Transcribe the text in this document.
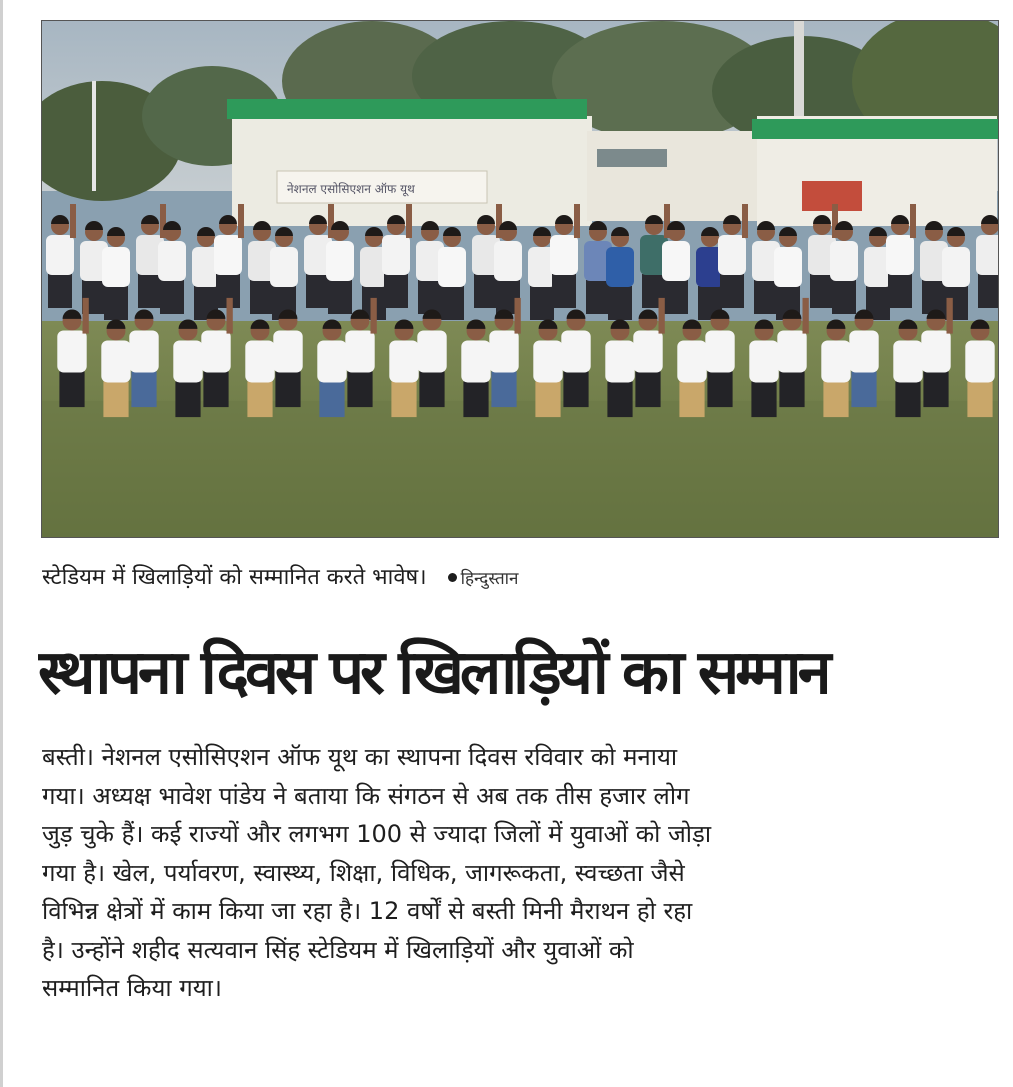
नेशनल एसोसिएशन ऑफ यूथ
स्टेडियम में खिलाड़ियों को सम्मानित करते भावेष। हिन्दुस्तान
स्थापना दिवस पर खिलाड़ियों का सम्मान
बस्ती। नेशनल एसोसिएशन ऑफ यूथ का स्थापना दिवस रविवार को मनाया
गया। अध्यक्ष भावेश पांडेय ने बताया कि संगठन से अब तक तीस हजार लोग
जुड़ चुके हैं। कई राज्यों और लगभग 100 से ज्यादा जिलों में युवाओं को जोड़ा
गया है। खेल, पर्यावरण, स्वास्थ्य, शिक्षा, विधिक, जागरूकता, स्वच्छता जैसे
विभिन्न क्षेत्रों में काम किया जा रहा है। 12 वर्षों से बस्ती मिनी मैराथन हो रहा
है। उन्होंने शहीद सत्यवान सिंह स्टेडियम में खिलाड़ियों और युवाओं को
सम्मानित किया गया।
